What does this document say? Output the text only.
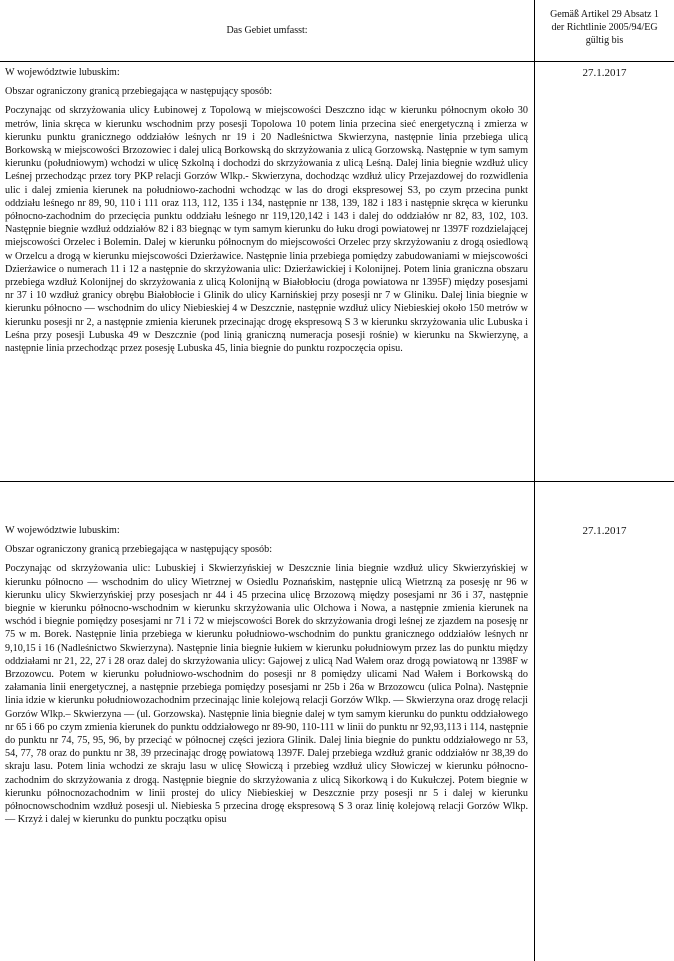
Das Gebiet umfasst:
Gemäß Artikel 29 Absatz 1
der Richtlinie 2005/94/EG
gültig bis

W województwie lubuskim:

Obszar ograniczony granicą przebiegająca w następujący sposób:

Poczynając od skrzyżowania ulicy Łubinowej z Topolową w miejscowości Deszczno idąc w kierunku północnym około 30 metrów, linia skręca w kierunku wschodnim przy posesji Topolowa 10 potem linia przecina sieć energetyczną i zmierza w kierunku punktu granicznego oddziałów leśnych nr 19 i 20 Nadleśnictwa Skwierzyna, następnie linia przebiega ulicą Borkowską w miejscowości Brzozowiec i dalej ulicą Borkowską do skrzyżowania z ulicą Gorzowską. Następnie w tym samym kierunku (południowym) wchodzi w ulicę Szkolną i dochodzi do skrzyżowania z ulicą Leśną. Dalej linia biegnie wzdłuż ulicy Leśnej przechodząc przez tory PKP relacji Gorzów Wlkp.- Skwierzyna, dochodząc wzdłuż ulicy Przejazdowej do rozwidlenia ulic i dalej zmienia kierunek na południowo-zachodni wchodząc w las do drogi ekspresowej S3, po czym przecina punkt oddziału leśnego nr 89, 90, 110 i 111 oraz 113, 112, 135 i 134, następnie nr 138, 139, 182 i 183 i następnie skręca w kierunku północno-zachodnim do przecięcia punktu oddziału leśnego nr 119,120,142 i 143 i dalej do oddziałów nr 82, 83, 102, 103. Następnie biegnie wzdłuż oddziałów 82 i 83 biegnąc w tym samym kierunku do łuku drogi powiatowej nr 1397F rozdzielającej miejscowości Orzelec i Bolemin. Dalej w kierunku północnym do miejscowości Orzelec przy skrzyżowaniu z drogą osiedlową w Orzelcu a drogą w kierunku miejscowości Dzierżawice. Następnie linia przebiega pomiędzy zabudowaniami w miejscowości Dzierżawice o numerach 11 i 12 a następnie do skrzyżowania ulic: Dzierżawickiej i Kolonijnej. Potem linia graniczna obszaru przebiega wzdłuż Kolonijnej do skrzyżowania z ulicą Kolonijną w Białobłociu (droga powiatowa nr 1395F) między posesjami nr 37 i 10 wzdłuż granicy obrębu Białobłocie i Glinik do ulicy Karnińskiej przy posesji nr 7 w Gliniku. Dalej linia biegnie w kierunku północno — wschodnim do ulicy Niebieskiej 4 w Deszcznie, następnie wzdłuż ulicy Niebieskiej około 150 metrów w kierunku posesji nr 2, a następnie zmienia kierunek przecinając drogę ekspresową S 3 w kierunku skrzyżowania ulic Lubuska i Leśna przy posesji Lubuska 49 w Deszcznie (pod linią graniczną numeracja posesji rośnie) w kierunku na Skwierzynę, a następnie linia przechodząc przez posesję Lubuska 45, linia biegnie do punktu rozpoczęcia opisu.

27.1.2017

W województwie lubuskim:

Obszar ograniczony granicą przebiegająca w następujący sposób:

Poczynając od skrzyżowania ulic: Lubuskiej i Skwierzyńskiej w Deszcznie linia biegnie wzdłuż ulicy Skwierzyńskiej w kierunku północno — wschodnim do ulicy Wietrznej w Osiedlu Poznańskim, następnie ulicą Wietrzną za posesję nr 96 w kierunku ulicy Skwierzyńskiej przy posesjach nr 44 i 45 przecina ulicę Brzozową między posesjami nr 36 i 37, następnie biegnie w kierunku północno-wschodnim w kierunku skrzyżowania ulic Olchowa i Nowa, a następnie zmienia kierunek na wschód i biegnie pomiędzy posesjami nr 71 i 72 w miejscowości Borek do skrzyżowania drogi leśnej ze zjazdem na posesję nr 75 w m. Borek. Następnie linia przebiega w kierunku południowo-wschodnim do punktu granicznego oddziałów leśnych nr 9,10,15 i 16 (Nadleśnictwo Skwierzyna). Następnie linia biegnie łukiem w kierunku południowym przez las do punktu między oddziałami nr 21, 22, 27 i 28 oraz dalej do skrzyżowania ulicy: Gajowej z ulicą Nad Wałem oraz drogą powiatową nr 1398F w Brzozowcu. Potem w kierunku południowo-wschodnim do posesji nr 8 pomiędzy ulicami Nad Wałem i Borkowską do załamania linii energetycznej, a następnie przebiega pomiędzy posesjami nr 25b i 26a w Brzozowcu (ulica Polna). Następnie linia idzie w kierunku południowozachodnim przecinając linie kolejową relacji Gorzów Wlkp. — Skwierzyna oraz drogę relacji Gorzów Wlkp.– Skwierzyna — (ul. Gorzowska). Następnie linia biegnie dalej w tym samym kierunku do punktu oddziałowego nr 65 i 66 po czym zmienia kierunek do punktu oddziałowego nr 89-90, 110-111 w linii do punktu nr 92,93,113 i 114, następnie do punktu nr 74, 75, 95, 96, by przeciąć w północnej części jeziora Glinik. Dalej linia biegnie do punktu oddziałowego nr 53, 54, 77, 78 oraz do punktu nr 38, 39 przecinając drogę powiatową 1397F. Dalej przebiega wzdłuż granic oddziałów nr 38,39 do skraju lasu. Potem linia wchodzi ze skraju lasu w ulicę Słowiczą i przebieg wzdłuż ulicy Słowiczej w kierunku północno-zachodnim do skrzyżowania z drogą. Następnie biegnie do skrzyżowania z ulicą Sikorkową i do Kukułczej. Potem biegnie w kierunku północnozachodnim w linii prostej do ulicy Niebieskiej w Deszcznie przy posesji nr 5 i dalej w kierunku północnowschodnim wzdłuż posesji ul. Niebieska 5 przecina drogę ekspresową S 3 oraz linię kolejową relacji Gorzów Wlkp. — Krzyż i dalej w kierunku do punktu początku opisu

27.1.2017
